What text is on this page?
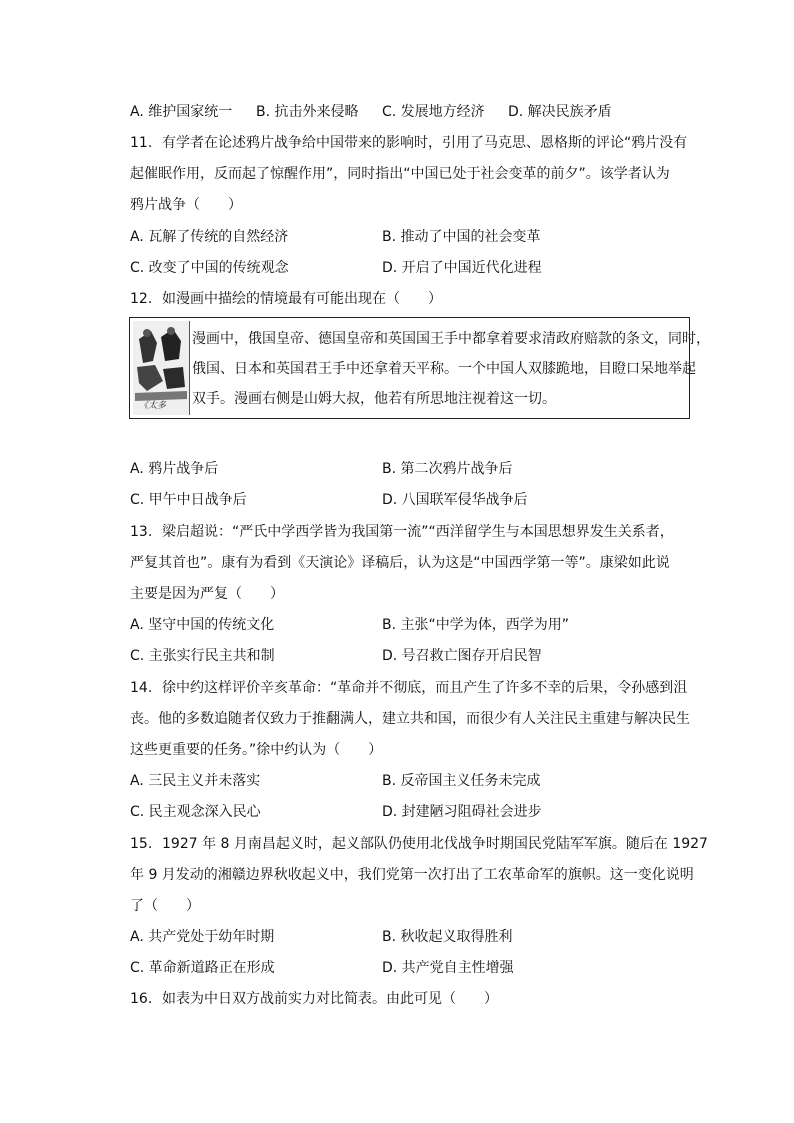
A. 维护国家统一 B. 抗击外来侵略 C. 发展地方经济 D. 解决民族矛盾
11. 有学者在论述鸦片战争给中国带来的影响时，引用了马克思、恩格斯的评论“鸦片没有
起催眠作用，反而起了惊醒作用”，同时指出“中国已处于社会变革的前夕”。该学者认为
鸦片战争（　　）
A. 瓦解了传统的自然经济	B. 推动了中国的社会变革
C. 改变了中国的传统观念	D. 开启了中国近代化进程
12. 如漫画中描绘的情境最有可能出现在（　　）
《太多
漫画中，俄国皇帝、德国皇帝和英国国王手中都拿着要求清政府赔款的条文，同时，
俄国、日本和英国君王手中还拿着天平称。一个中国人双膝跪地，目瞪口呆地举起
双手。漫画右侧是山姆大叔，他若有所思地注视着这一切。
A. 鸦片战争后	B. 第二次鸦片战争后
C. 甲午中日战争后	D. 八国联军侵华战争后
13. 梁启超说：“严氏中学西学皆为我国第一流”“西洋留学生与本国思想界发生关系者，
严复其首也”。康有为看到《天演论》译稿后，认为这是“中国西学第一等”。康梁如此说
主要是因为严复（　　）
A. 坚守中国的传统文化	B. 主张“中学为体，西学为用”
C. 主张实行民主共和制	D. 号召救亡图存开启民智
14. 徐中约这样评价辛亥革命：“革命并不彻底，而且产生了许多不幸的后果，令孙感到沮
丧。他的多数追随者仅致力于推翻满人，建立共和国，而很少有人关注民主重建与解决民生
这些更重要的任务。”徐中约认为（　　）
A. 三民主义并未落实	B. 反帝国主义任务未完成
C. 民主观念深入民心	D. 封建陋习阻碍社会进步
15. 1927 年 8 月南昌起义时，起义部队仍使用北伐战争时期国民党陆军军旗。随后在 1927
年 9 月发动的湘赣边界秋收起义中，我们党第一次打出了工农革命军的旗帜。这一变化说明
了（　　）
A. 共产党处于幼年时期	B. 秋收起义取得胜利
C. 革命新道路正在形成	D. 共产党自主性增强
16. 如表为中日双方战前实力对比简表。由此可见（　　）
